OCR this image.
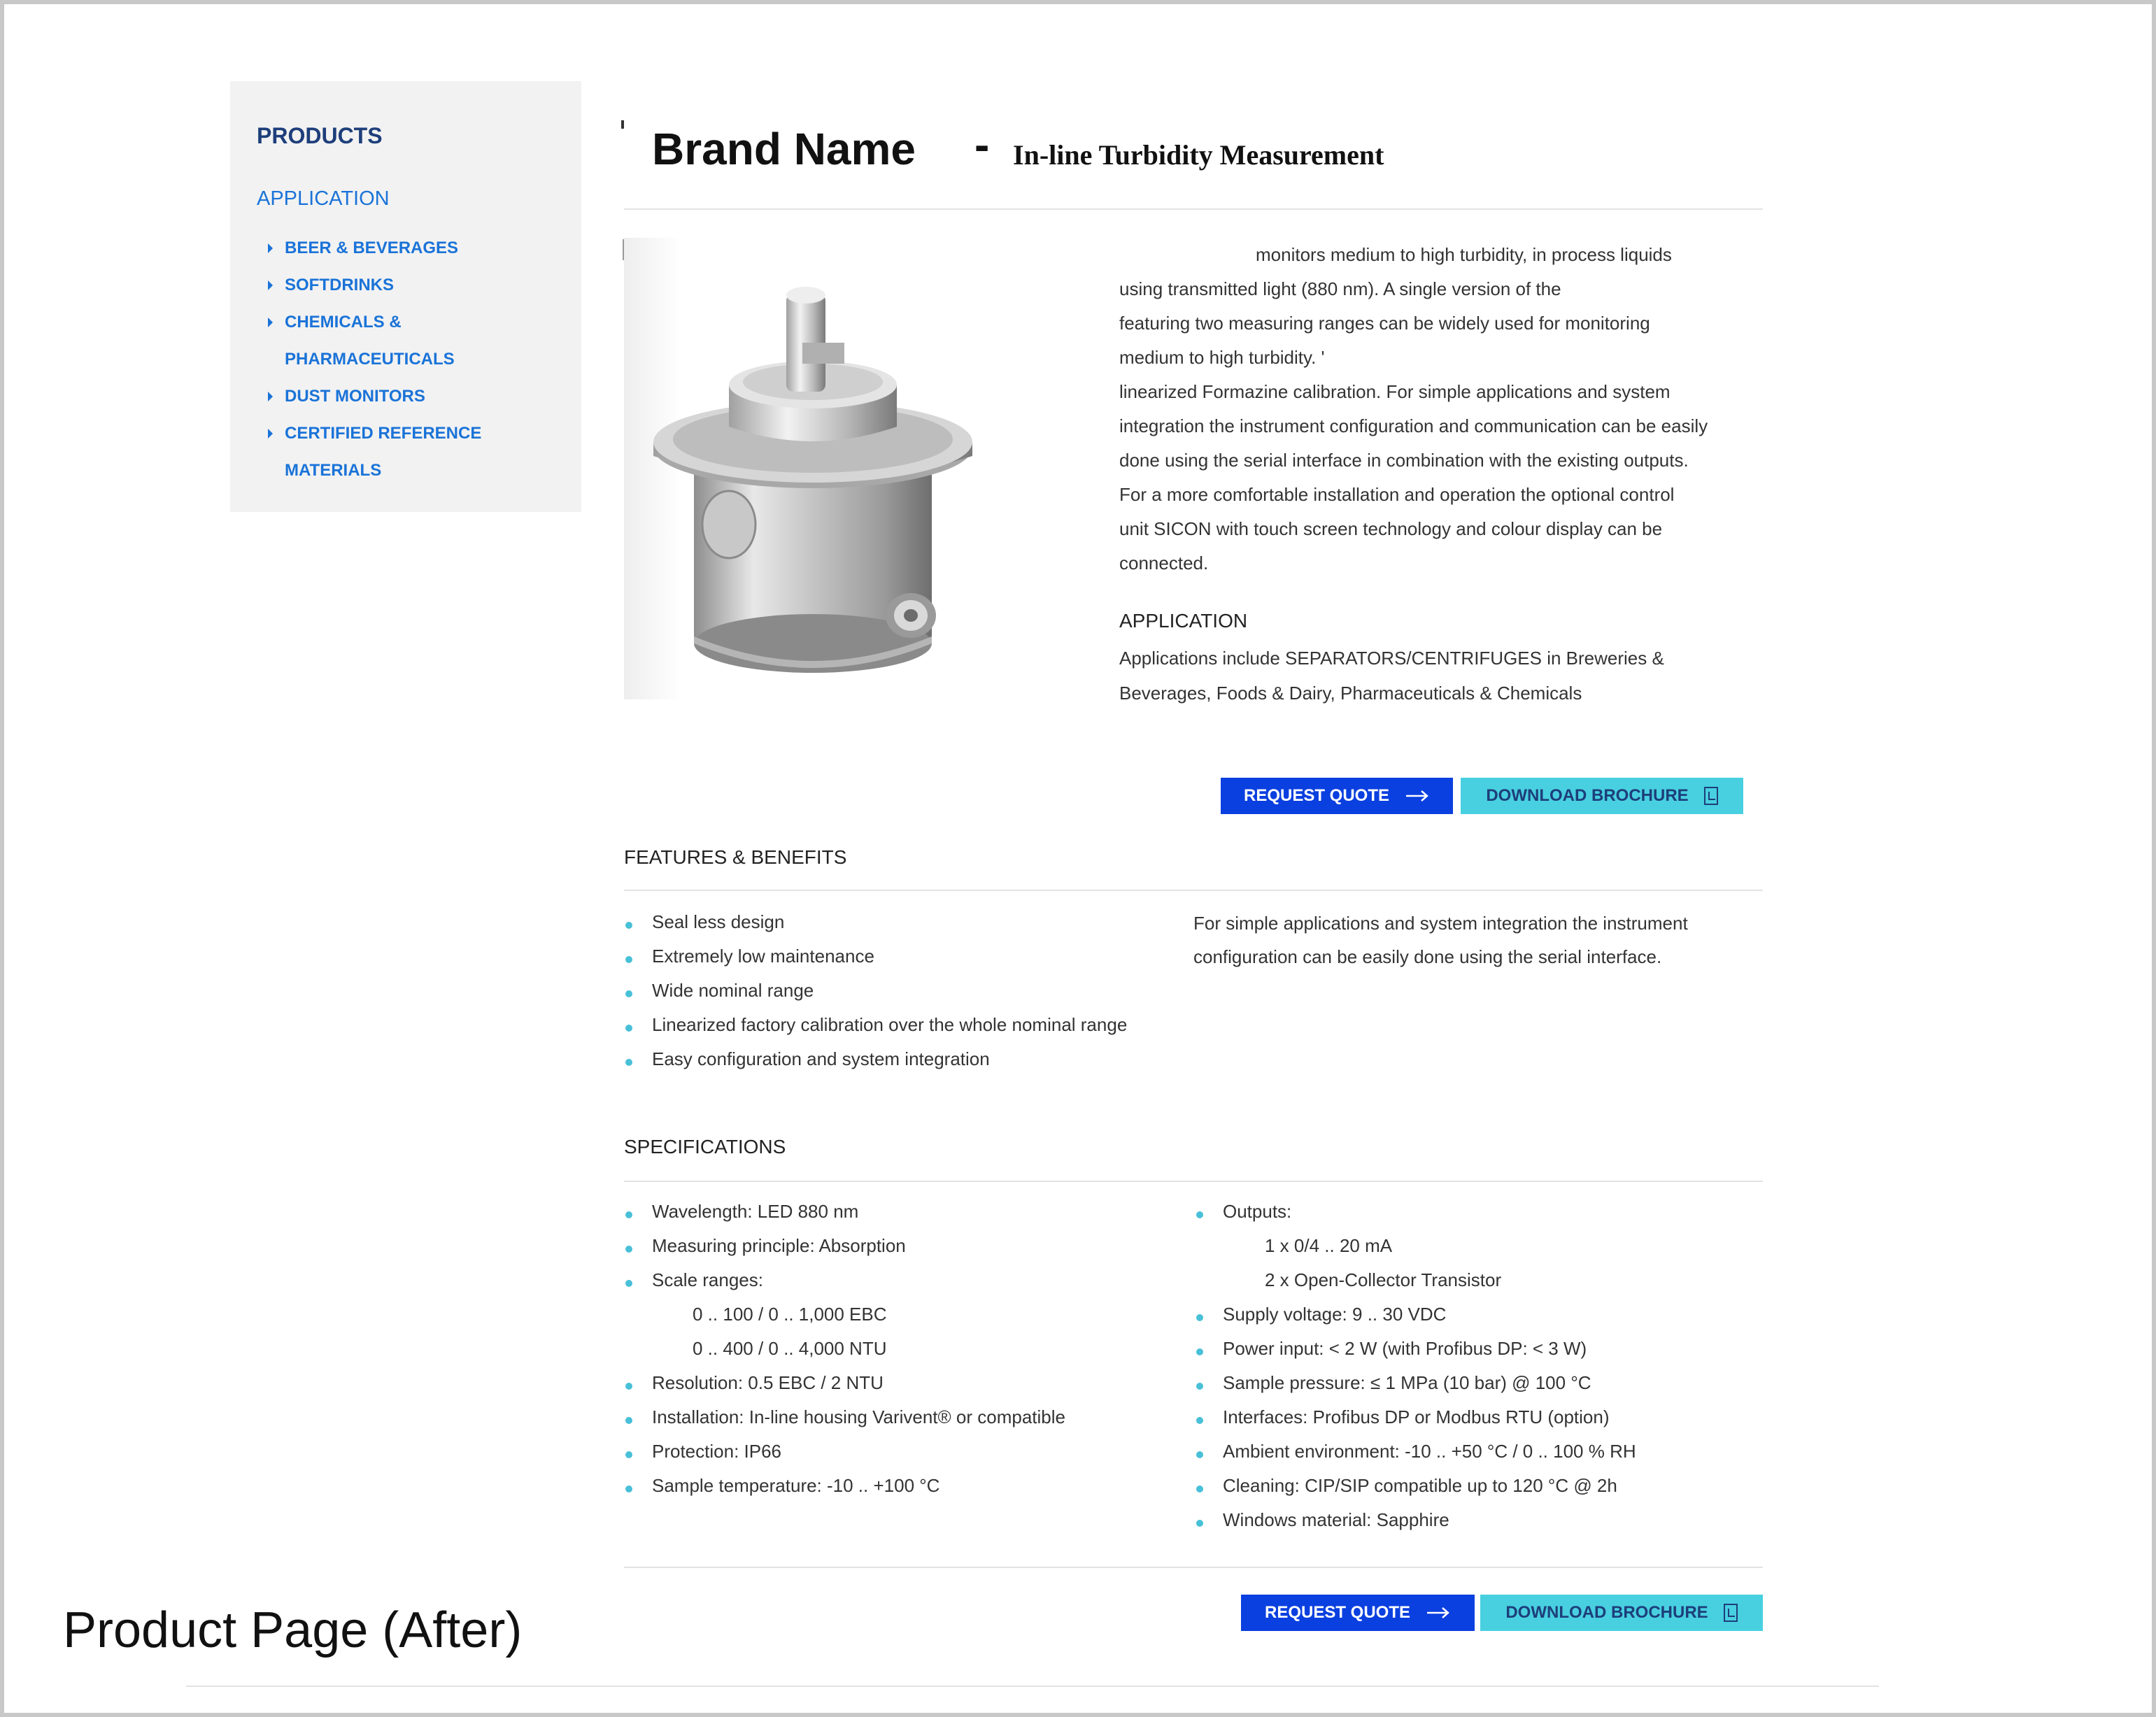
PRODUCTS
APPLICATION
BEER & BEVERAGES
SOFTDRINKS
CHEMICALS &
PHARMACEUTICALS
DUST MONITORS
CERTIFIED REFERENCE
MATERIALS
Brand Name - In-line Turbidity Measurement
monitors medium to high turbidity, in process liquids
using transmitted light (880 nm). A single version of the
featuring two measuring ranges can be widely used for monitoring
medium to high turbidity. '
linearized Formazine calibration. For simple applications and system
integration the instrument configuration and communication can be easily
done using the serial interface in combination with the existing outputs.
For a more comfortable installation and operation the optional control
unit SICON with touch screen technology and colour display can be
connected.
APPLICATION
Applications include SEPARATORS/CENTRIFUGES in Breweries &
Beverages, Foods & Dairy, Pharmaceuticals & Chemicals
REQUEST QUOTE	DOWNLOAD BROCHURE
FEATURES & BENEFITS
Seal less design
Extremely low maintenance
Wide nominal range
Linearized factory calibration over the whole nominal range
Easy configuration and system integration
For simple applications and system integration the instrument
configuration can be easily done using the serial interface.
SPECIFICATIONS
Wavelength: LED 880 nm
Measuring principle: Absorption
Scale ranges:
0 .. 100 / 0 .. 1,000 EBC
0 .. 400 / 0 .. 4,000 NTU
Resolution: 0.5 EBC / 2 NTU
Installation: In-line housing Varivent® or compatible
Protection: IP66
Sample temperature: -10 .. +100 °C
Outputs:
1 x 0/4 .. 20 mA
2 x Open-Collector Transistor
Supply voltage: 9 .. 30 VDC
Power input: < 2 W (with Profibus DP: < 3 W)
Sample pressure: ≤ 1 MPa (10 bar) @ 100 °C
Interfaces: Profibus DP or Modbus RTU (option)
Ambient environment: -10 .. +50 °C / 0 .. 100 % RH
Cleaning: CIP/SIP compatible up to 120 °C @ 2h
Windows material: Sapphire
REQUEST QUOTE	DOWNLOAD BROCHURE
Product Page (After)
